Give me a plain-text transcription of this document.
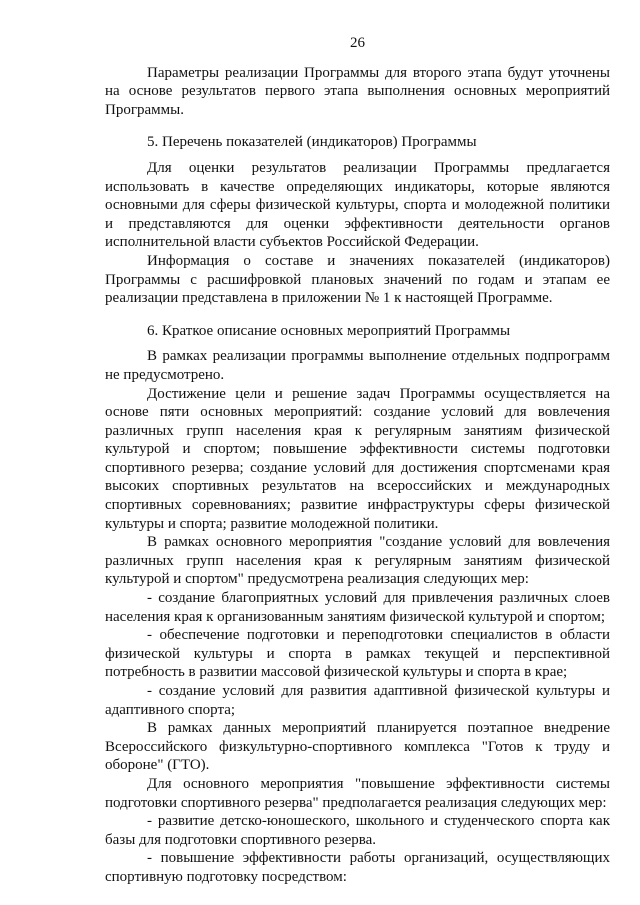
26

Параметры реализации Программы для второго этапа будут уточнены на основе результатов первого этапа выполнения основных мероприятий Программы.

5. Перечень показателей (индикаторов) Программы

Для оценки результатов реализации Программы предлагается использовать в качестве определяющих индикаторы, которые являются основными для сферы физической культуры, спорта и молодежной политики и представляются для оценки эффективности деятельности органов исполнительной власти субъектов Российской Федерации.

Информация о составе и значениях показателей (индикаторов) Программы с расшифровкой плановых значений по годам и этапам ее реализации представлена в приложении № 1 к настоящей Программе.

6. Краткое описание основных мероприятий Программы

В рамках реализации программы выполнение отдельных подпрограмм не предусмотрено.

Достижение цели и решение задач Программы осуществляется на основе пяти основных мероприятий: создание условий для вовлечения различных групп населения края к регулярным занятиям физической культурой и спортом; повышение эффективности системы подготовки спортивного резерва; создание условий для достижения спортсменами края высоких спортивных результатов на всероссийских и международных спортивных соревнованиях; развитие инфраструктуры сферы физической культуры и спорта; развитие молодежной политики.

В рамках основного мероприятия "создание условий для вовлечения различных групп населения края к регулярным занятиям физической культурой и спортом" предусмотрена реализация следующих мер:

- создание благоприятных условий для привлечения различных слоев населения края к организованным занятиям физической культурой и спортом;

- обеспечение подготовки и переподготовки специалистов в области физической культуры и спорта в рамках текущей и перспективной потребность в развитии массовой физической культуры и спорта в крае;

- создание условий для развития адаптивной физической культуры и адаптивного спорта;

В рамках данных мероприятий планируется поэтапное внедрение Всероссийского физкультурно-спортивного комплекса "Готов к труду и обороне" (ГТО).

Для основного мероприятия "повышение эффективности системы подготовки спортивного резерва" предполагается реализация следующих мер:

- развитие детско-юношеского, школьного и студенческого спорта как базы для подготовки спортивного резерва.

- повышение эффективности работы организаций, осуществляющих спортивную подготовку посредством:
